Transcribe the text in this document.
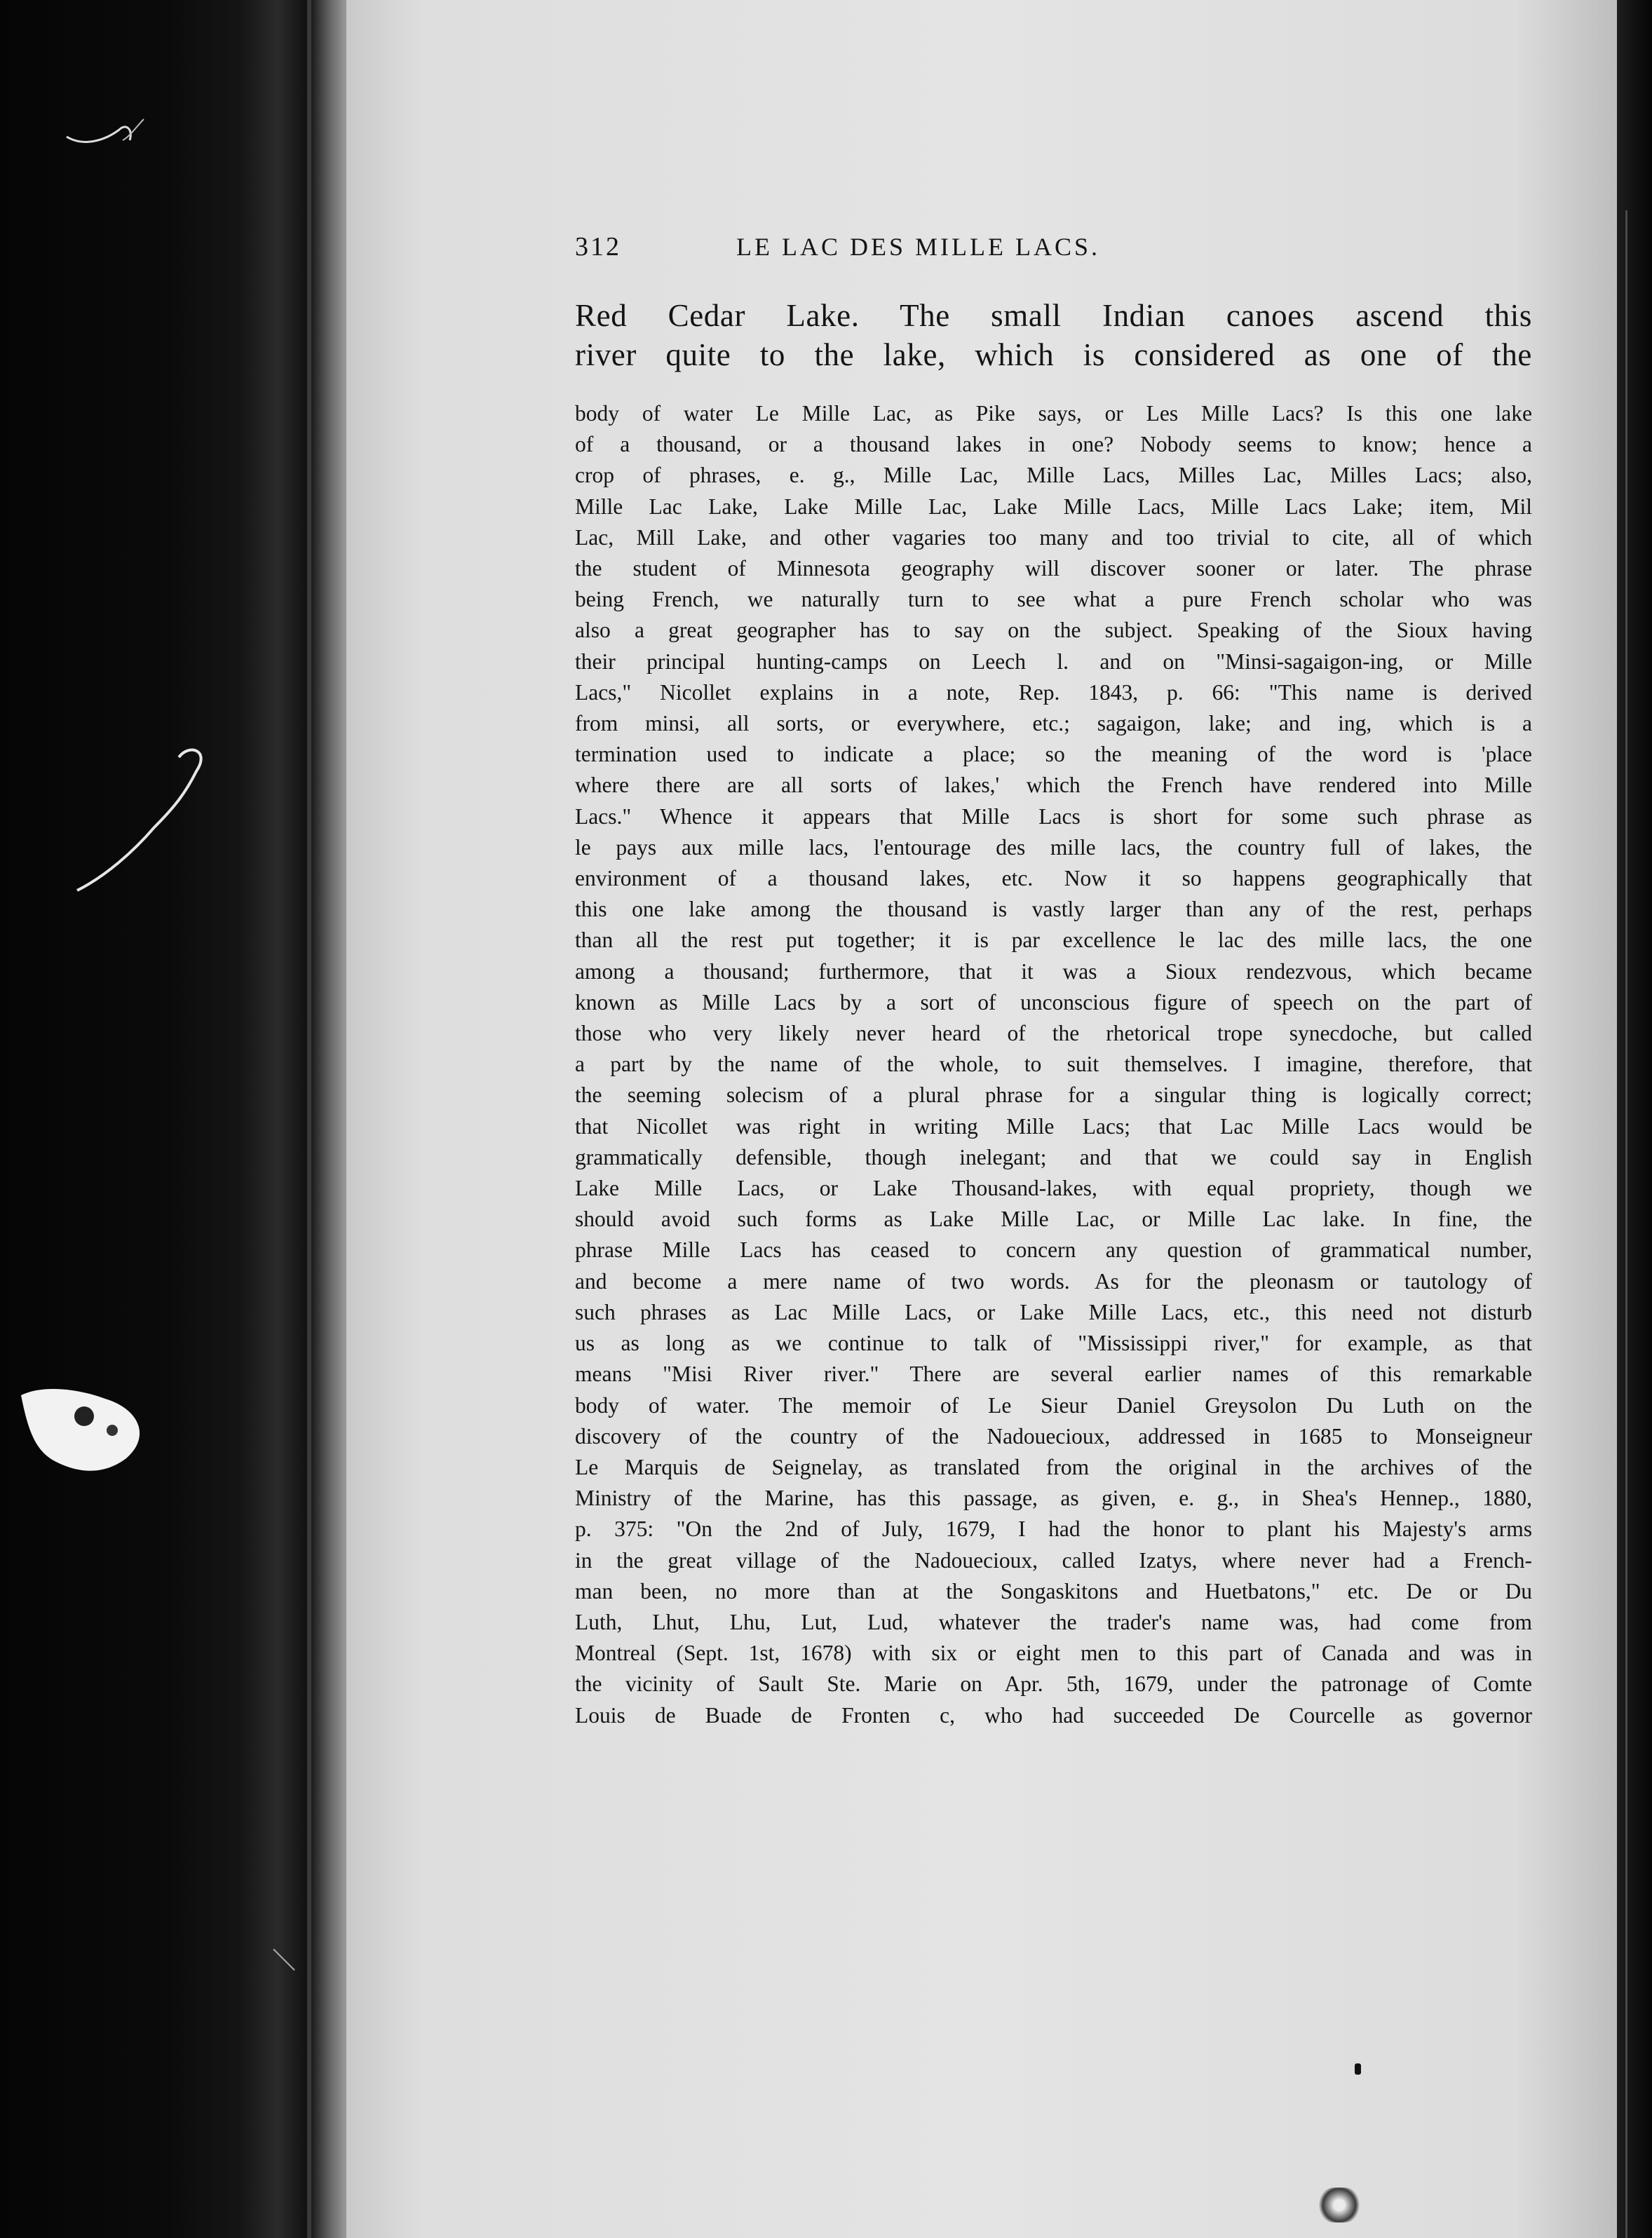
312	LE LAC DES MILLE LACS.
Red Cedar Lake. The small Indian canoes ascend this
river quite to the lake, which is considered as one of the
body of water Le Mille Lac, as Pike says, or Les Mille Lacs? Is this one lake
of a thousand, or a thousand lakes in one? Nobody seems to know; hence a
crop of phrases, e. g., Mille Lac, Mille Lacs, Milles Lac, Milles Lacs; also,
Mille Lac Lake, Lake Mille Lac, Lake Mille Lacs, Mille Lacs Lake; item, Mil
Lac, Mill Lake, and other vagaries too many and too trivial to cite, all of which
the student of Minnesota geography will discover sooner or later. The phrase
being French, we naturally turn to see what a pure French scholar who was
also a great geographer has to say on the subject. Speaking of the Sioux having
their principal hunting-camps on Leech l. and on "Minsi-sagaigon-ing, or Mille
Lacs," Nicollet explains in a note, Rep. 1843, p. 66: "This name is derived
from minsi, all sorts, or everywhere, etc.; sagaigon, lake; and ing, which is a
termination used to indicate a place; so the meaning of the word is 'place
where there are all sorts of lakes,' which the French have rendered into Mille
Lacs." Whence it appears that Mille Lacs is short for some such phrase as
le pays aux mille lacs, l'entourage des mille lacs, the country full of lakes, the
environment of a thousand lakes, etc. Now it so happens geographically that
this one lake among the thousand is vastly larger than any of the rest, perhaps
than all the rest put together; it is par excellence le lac des mille lacs, the one
among a thousand; furthermore, that it was a Sioux rendezvous, which became
known as Mille Lacs by a sort of unconscious figure of speech on the part of
those who very likely never heard of the rhetorical trope synecdoche, but called
a part by the name of the whole, to suit themselves. I imagine, therefore, that
the seeming solecism of a plural phrase for a singular thing is logically correct;
that Nicollet was right in writing Mille Lacs; that Lac Mille Lacs would be
grammatically defensible, though inelegant; and that we could say in English
Lake Mille Lacs, or Lake Thousand-lakes, with equal propriety, though we
should avoid such forms as Lake Mille Lac, or Mille Lac lake. In fine, the
phrase Mille Lacs has ceased to concern any question of grammatical number,
and become a mere name of two words. As for the pleonasm or tautology of
such phrases as Lac Mille Lacs, or Lake Mille Lacs, etc., this need not disturb
us as long as we continue to talk of "Mississippi river," for example, as that
means "Misi River river." There are several earlier names of this remarkable
body of water. The memoir of Le Sieur Daniel Greysolon Du Luth on the
discovery of the country of the Nadouecioux, addressed in 1685 to Monseigneur
Le Marquis de Seignelay, as translated from the original in the archives of the
Ministry of the Marine, has this passage, as given, e. g., in Shea's Hennep., 1880,
p. 375: "On the 2nd of July, 1679, I had the honor to plant his Majesty's arms
in the great village of the Nadouecioux, called Izatys, where never had a French-
man been, no more than at the Songaskitons and Huetbatons," etc. De or Du
Luth, Lhut, Lhu, Lut, Lud, whatever the trader's name was, had come from
Montreal (Sept. 1st, 1678) with six or eight men to this part of Canada and was in
the vicinity of Sault Ste. Marie on Apr. 5th, 1679, under the patronage of Comte
Louis de Buade de Fronten c, who had succeeded De Courcelle as governor
